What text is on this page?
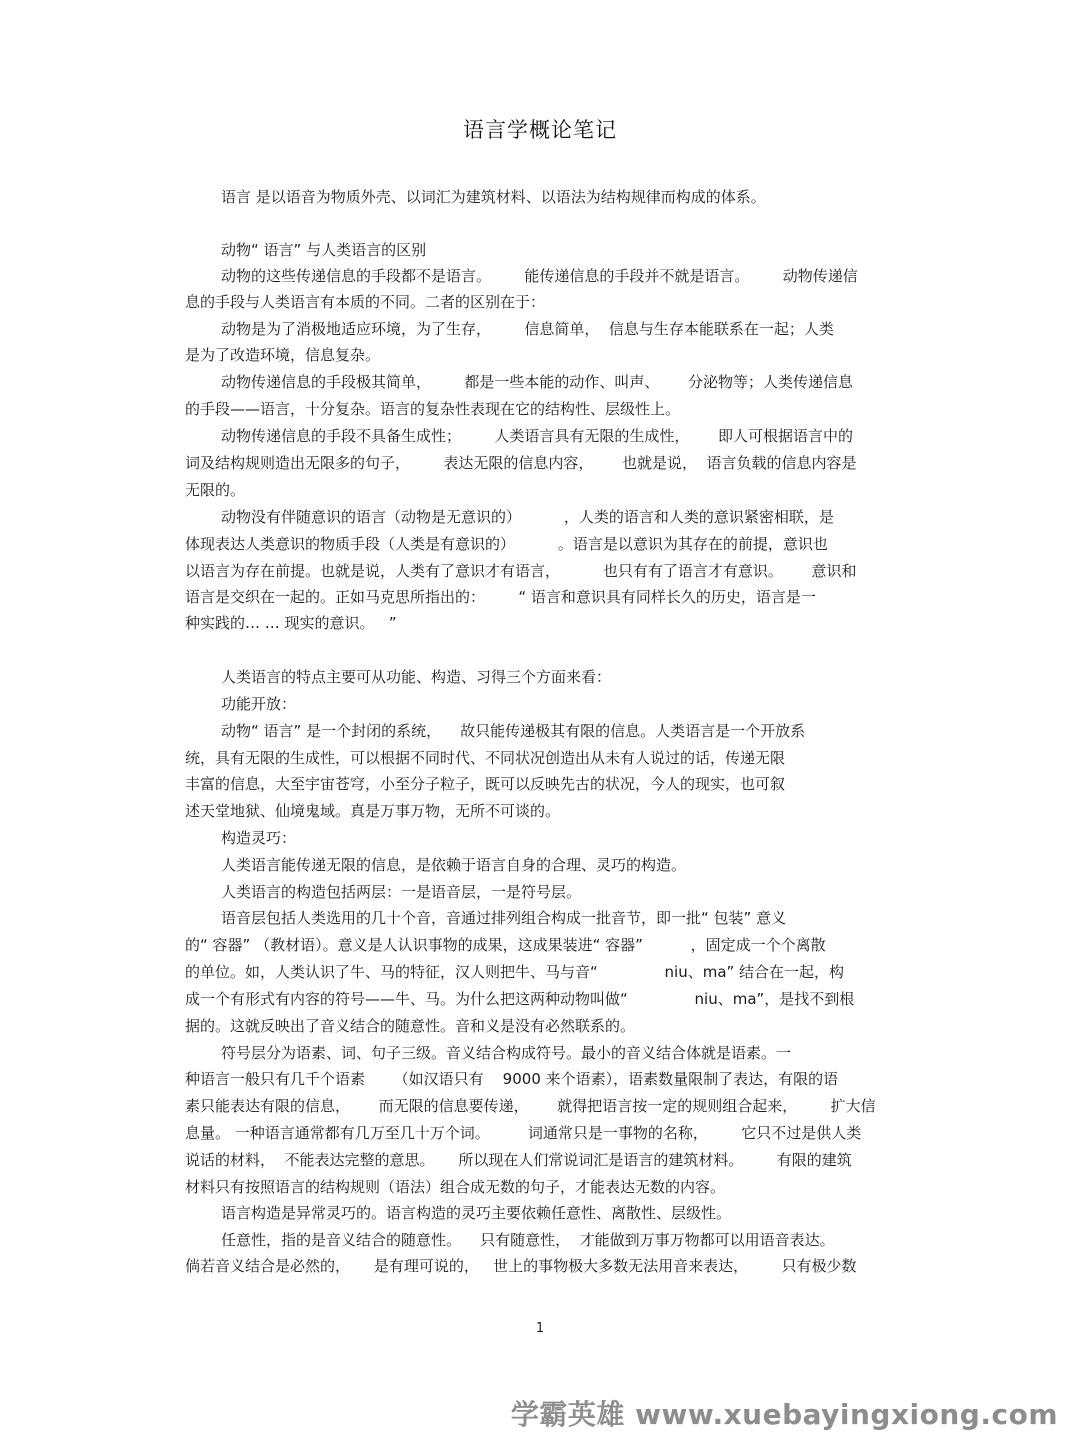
语言学概论笔记
语言 是以语音为物质外壳、以词汇为建筑材料、以语法为结构规律而构成的体系。
动物“ 语言” 与人类语言的区别
动物的这些传递信息的手段都不是语言。       能传递信息的手段并不就是语言。       动物传递信
息的手段与人类语言有本质的不同。二者的区别在于：
动物是为了消极地适应环境，为了生存，       信息简单，  信息与生存本能联系在一起；人类
是为了改造环境，信息复杂。
动物传递信息的手段极其简单，       都是一些本能的动作、叫声、      分泌物等；人类传递信息
的手段——语言，十分复杂。语言的复杂性表现在它的结构性、层级性上。
动物传递信息的手段不具备生成性；       人类语言具有无限的生成性，      即人可根据语言中的
词及结构规则造出无限多的句子，       表达无限的信息内容，      也就是说，  语言负载的信息内容是
无限的。
动物没有伴随意识的语言（动物是无意识的）         ，人类的语言和人类的意识紧密相联，是
体现表达人类意识的物质手段（人类是有意识的）         。语言是以意识为其存在的前提，意识也
以语言为存在前提。也就是说，人类有了意识才有语言，         也只有有了语言才有意识。      意识和
语言是交织在一起的。正如马克思所指出的：       “ 语言和意识具有同样长久的历史，语言是一
种实践的… … 现实的意识。   ”
人类语言的特点主要可从功能、构造、习得三个方面来看：
功能开放：
动物“ 语言” 是一个封闭的系统，    故只能传递极其有限的信息。人类语言是一个开放系
统，具有无限的生成性，可以根据不同时代、不同状况创造出从未有人说过的话，传递无限
丰富的信息，大至宇宙苍穹，小至分子粒子，既可以反映先古的状况，今人的现实，也可叙
述天堂地狱、仙境鬼域。真是万事万物，无所不可谈的。
构造灵巧：
人类语言能传递无限的信息，是依赖于语言自身的合理、灵巧的构造。
人类语言的构造包括两层：一是语音层，一是符号层。
语音层包括人类选用的几十个音，音通过排列组合构成一批音节，即一批“ 包装” 意义
的“ 容器” （教材语）。意义是人认识事物的成果，这成果装进“ 容器”          ，固定成一个个离散
的单位。如，人类认识了牛、马的特征，汉人则把牛、马与音“              niu、ma” 结合在一起，构
成一个有形式有内容的符号——牛、马。为什么把这两种动物叫做“              niu、ma”，是找不到根
据的。这就反映出了音义结合的随意性。音和义是没有必然联系的。
符号层分为语素、词、句子三级。音义结合构成符号。最小的音义结合体就是语素。一
种语言一般只有几千个语素      （如汉语只有    9000 来个语素），语素数量限制了表达，有限的语
素只能表达有限的信息，      而无限的信息要传递，      就得把语言按一定的规则组合起来，       扩大信
息量。 一种语言通常都有几万至几十万个词。        词通常只是一事物的名称，       它只不过是供人类
说话的材料，  不能表达完整的意思。     所以现在人们常说词汇是语言的建筑材料。       有限的建筑
材料只有按照语言的结构规则（语法）组合成无数的句子，才能表达无数的内容。
语言构造是异常灵巧的。语言构造的灵巧主要依赖任意性、离散性、层级性。
任意性，指的是音义结合的随意性。    只有随意性，  才能做到万事万物都可以用语音表达。
倘若音义结合是必然的，     是有理可说的，   世上的事物极大多数无法用音来表达，       只有极少数
1
学霸英雄 www.xuebayingxiong.com
